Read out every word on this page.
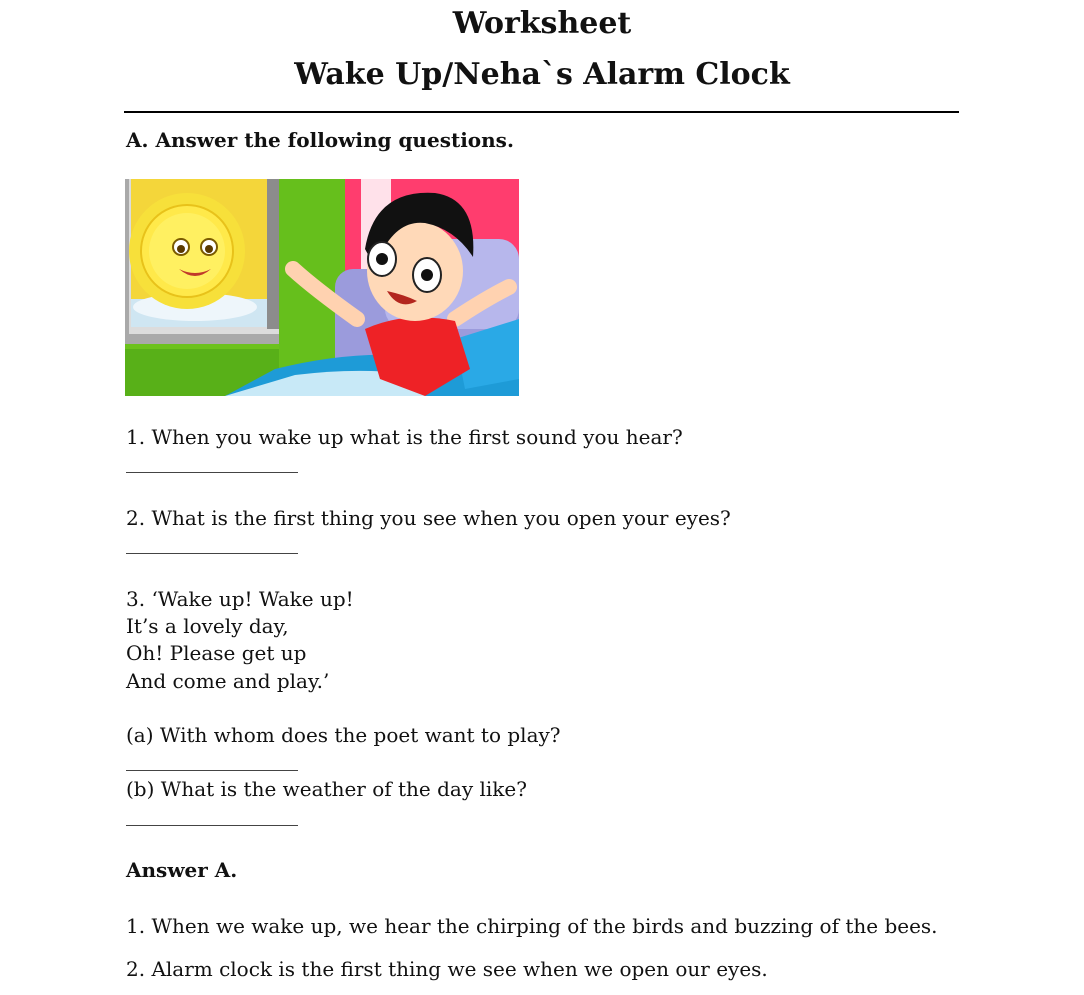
Worksheet
Wake Up/Neha`s Alarm Clock

A. Answer the following questions.

1. When you wake up what is the first sound you hear?

2. What is the first thing you see when you open your eyes?

3. ‘Wake up! Wake up!

It’s a lovely day,

Oh! Please get up

And come and play.’

(a) With whom does the poet want to play?

(b) What is the weather of the day like?

Answer A.

1. When we wake up, we hear the chirping of the birds and buzzing of the bees.

2. Alarm clock is the first thing we see when we open our eyes.
